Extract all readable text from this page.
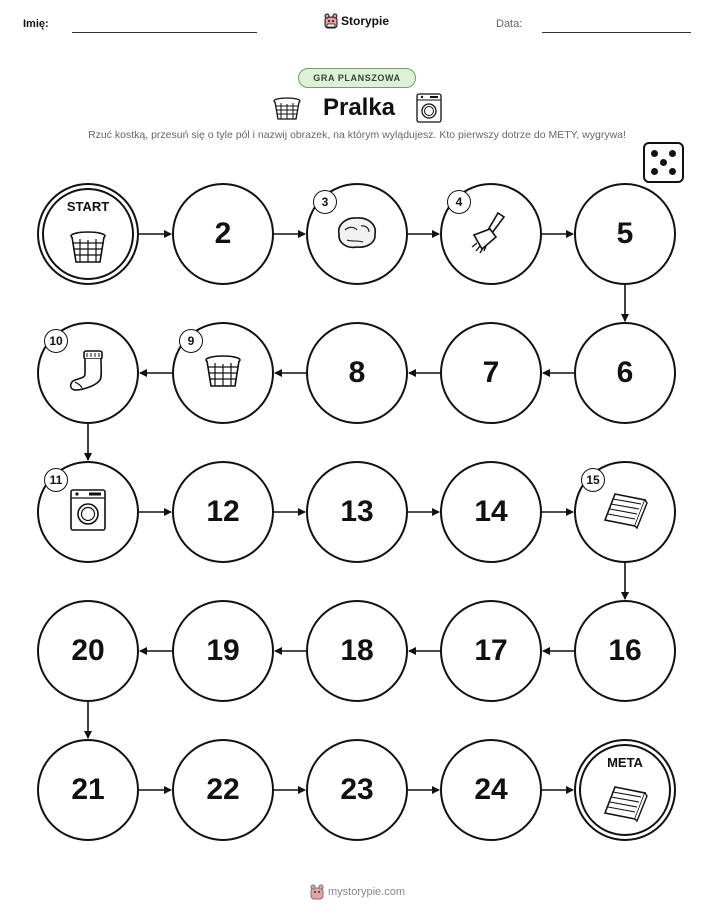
Imię:	Storypie	Data:
GRA PLANSZOWA
Pralka
Rzuć kostką, przesuń się o tyle pól i nazwij obrazek, na którym wylądujesz. Kto pierwszy dotrze do METY, wygrywa!
START
2
3	4
5
6
7
8
9
10
11
12	13	14
15
16
17
18
19
20
21	22	23	24
META
mystorypie.com
